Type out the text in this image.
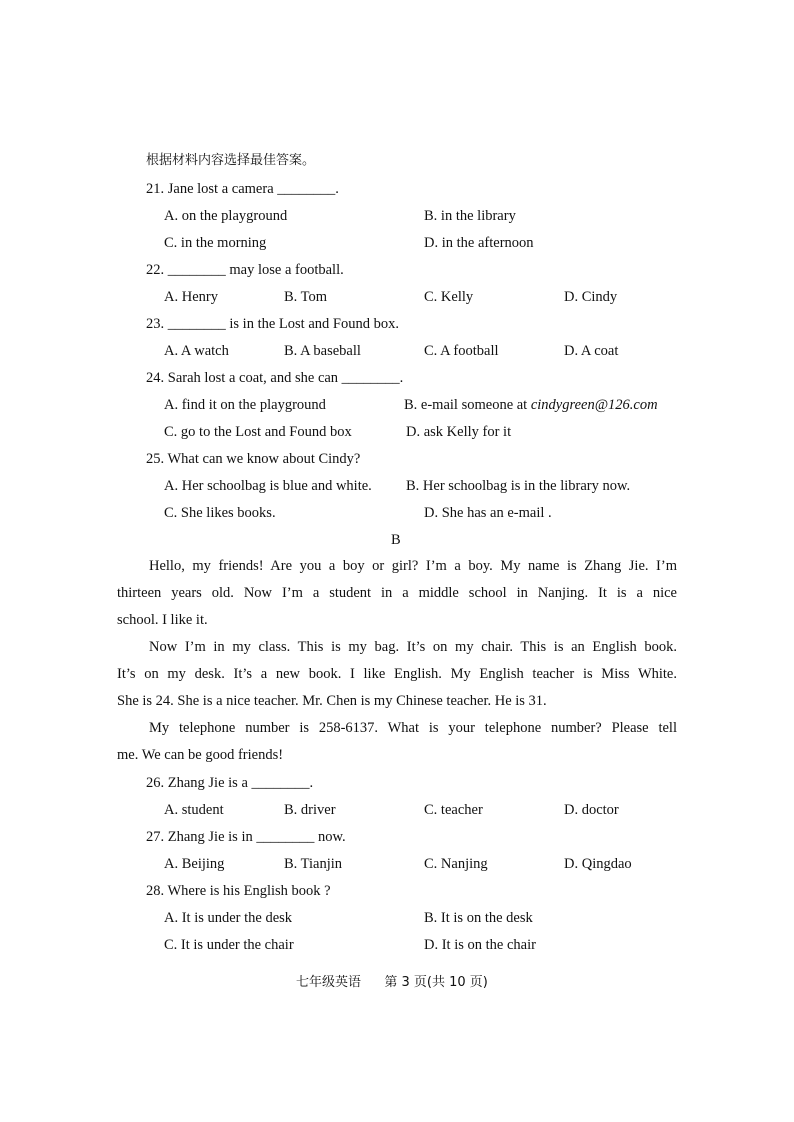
根据材料内容选择最佳答案。
21. Jane lost a camera ________.
A. on the playground	B. in the library
C. in the morning	D. in the afternoon
22. ________ may lose a football.
A. Henry	B. Tom	C. Kelly	D. Cindy
23. ________ is in the Lost and Found box.
A. A watch	B. A baseball	C. A football	D. A coat
24. Sarah lost a coat, and she can ________.
A. find it on the playground	B. e-mail someone at cindygreen@126.com
C. go to the Lost and Found box	D. ask Kelly for it
25. What can we know about Cindy?
A. Her schoolbag is blue and white. B. Her schoolbag is in the library now.
C. She likes books.	D. She has an e-mail .
B
Hello, my friends! Are you a boy or girl? I’m a boy. My name is Zhang Jie. I’m
thirteen years old. Now I’m a student in a middle school in Nanjing. It is a nice
school. I like it.
Now I’m in my class. This is my bag. It’s on my chair. This is an English book.
It’s on my desk. It’s a new book. I like English. My English teacher is Miss White.
She is 24. She is a nice teacher. Mr. Chen is my Chinese teacher. He is 31.
My telephone number is 258-6137. What is your telephone number? Please tell
me. We can be good friends!
26. Zhang Jie is a ________.
A. student	B. driver	C. teacher	D. doctor
27. Zhang Jie is in ________ now.
A. Beijing	B. Tianjin	C. Nanjing	D. Qingdao
28. Where is his English book ?
A. It is under the desk	B. It is on the desk
C. It is under the chair	D. It is on the chair
七年级英语 第 3 页(共 10 页)
